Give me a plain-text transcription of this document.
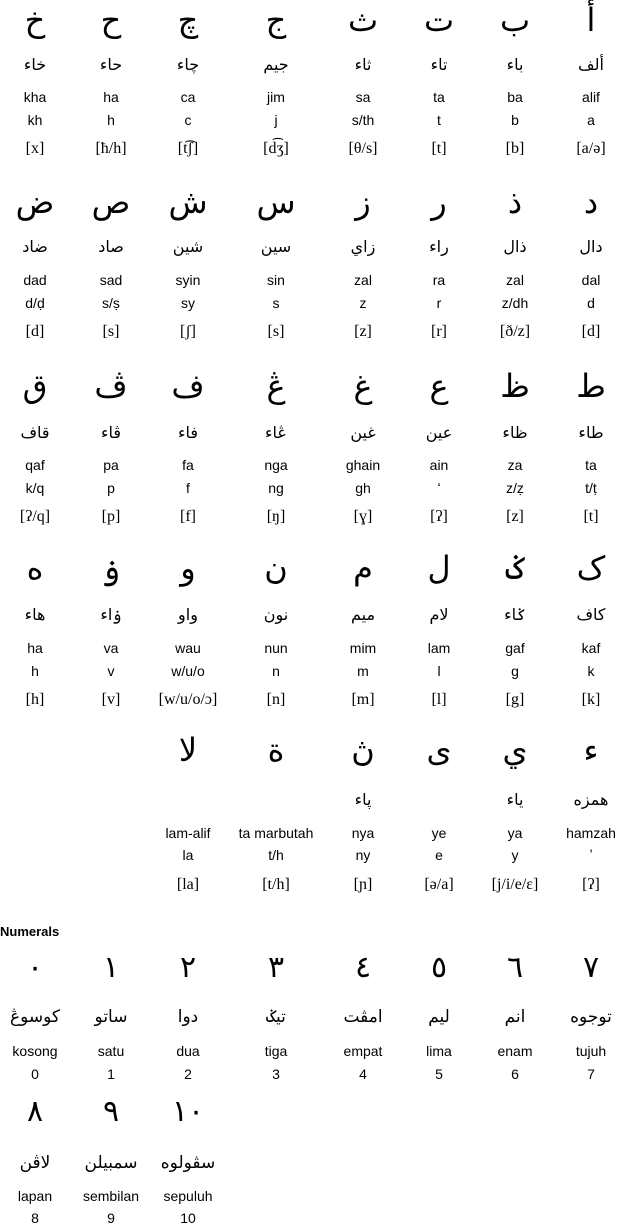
أ
ألف
alif
a
[a/ə]
ب
باء
ba
b
[b]
ت
تاء
ta
t
[t]
ث
ثاء
sa
s/th
[θ/s]
ج
جيم
jim
j
[d͡ʒ]
چ
چاء
ca
c
[t͡ʃ]
ح
حاء
ha
h
[ħ/h]
خ
خاء
kha
kh
[x]
د
دال
dal
d
[d]
ذ
ذال
zal
z/dh
[ð/z]
ر
راء
ra
r
[r]
ز
زاي
zal
z
[z]
س
سين
sin
s
[s]
ش
شين
syin
sy
[ʃ]
ص
صاد
sad
s/ṣ
[s]
ض
ضاد
dad
d/ḍ
[d]
ط
طاء
ta
t/ṭ
[t]
ظ
ظاء
za
z/ẓ
[z]
ع
عين
ain
ʻ
[ʔ]
غ
غين
ghain
gh
[ɣ]
ڠ
ڠاء
nga
ng
[ŋ]
ف
فاء
fa
f
[f]
ڤ
ڤاء
pa
p
[p]
ق
قاف
qaf
k/q
[ʔ/q]
ک
كاف
kaf
k
[k]
ݢ
ݢاء
gaf
g
[g]
ل
لام
lam
l
[l]
م
ميم
mim
m
[m]
ن
نون
nun
n
[n]
و
واو
wau
w/u/o
[w/u/o/ɔ]
ۏ
ۏاء
va
v
[v]
ه
هاء
ha
h
[h]
ء
همزه
hamzah
ʼ
[ʔ]
ي
ياء
ya
y
[j/i/e/ɛ]
ى
ye
e
[ə/a]
ڽ
ڽاء
nya
ny
[ɲ]
ة
ta marbutah
t/h
[t/h]
لا
lam-alif
la
[la]
Numerals
٠
كوسوڠ
kosong
0
١
ساتو
satu
1
٢
دوا
dua
2
٣
تيݢ
tiga
3
٤
امڤت
empat
4
٥
ليم
lima
5
٦
انم
enam
6
٧
توجوه
tujuh
7
٨
لاڤن
lapan
8
٩
سمبيلن
sembilan
9
١٠
سڤولوه
sepuluh
10
